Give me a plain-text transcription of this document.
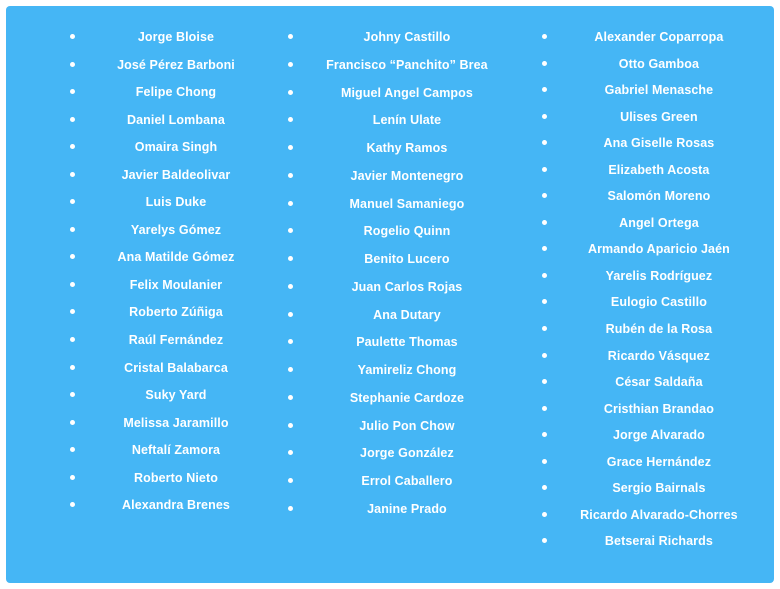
Jorge Bloise
José Pérez Barboni
Felipe Chong
Daniel Lombana
Omaira Singh
Javier Baldeolivar
Luis Duke
Yarelys Gómez
Ana Matilde Gómez
Felix Moulanier
Roberto Zúñiga
Raúl Fernández
Cristal Balabarca
Suky Yard
Melissa Jaramillo
Neftalí Zamora
Roberto Nieto
Alexandra Brenes
Johny Castillo
Francisco “Panchito” Brea
Miguel Angel Campos
Lenín Ulate
Kathy Ramos
Javier Montenegro
Manuel Samaniego
Rogelio Quinn
Benito Lucero
Juan Carlos Rojas
Ana Dutary
Paulette Thomas
Yamireliz Chong
Stephanie Cardoze
Julio Pon Chow
Jorge González
Errol Caballero
Janine Prado
Alexander Coparropa
Otto Gamboa
Gabriel Menasche
Ulises Green
Ana Giselle Rosas
Elizabeth Acosta
Salomón Moreno
Angel Ortega
Armando Aparicio Jaén
Yarelis Rodríguez
Eulogio Castillo
Rubén de la Rosa
Ricardo Vásquez
César Saldaña
Cristhian Brandao
Jorge Alvarado
Grace Hernández
Sergio Bairnals
Ricardo Alvarado-Chorres
Betserai Richards
